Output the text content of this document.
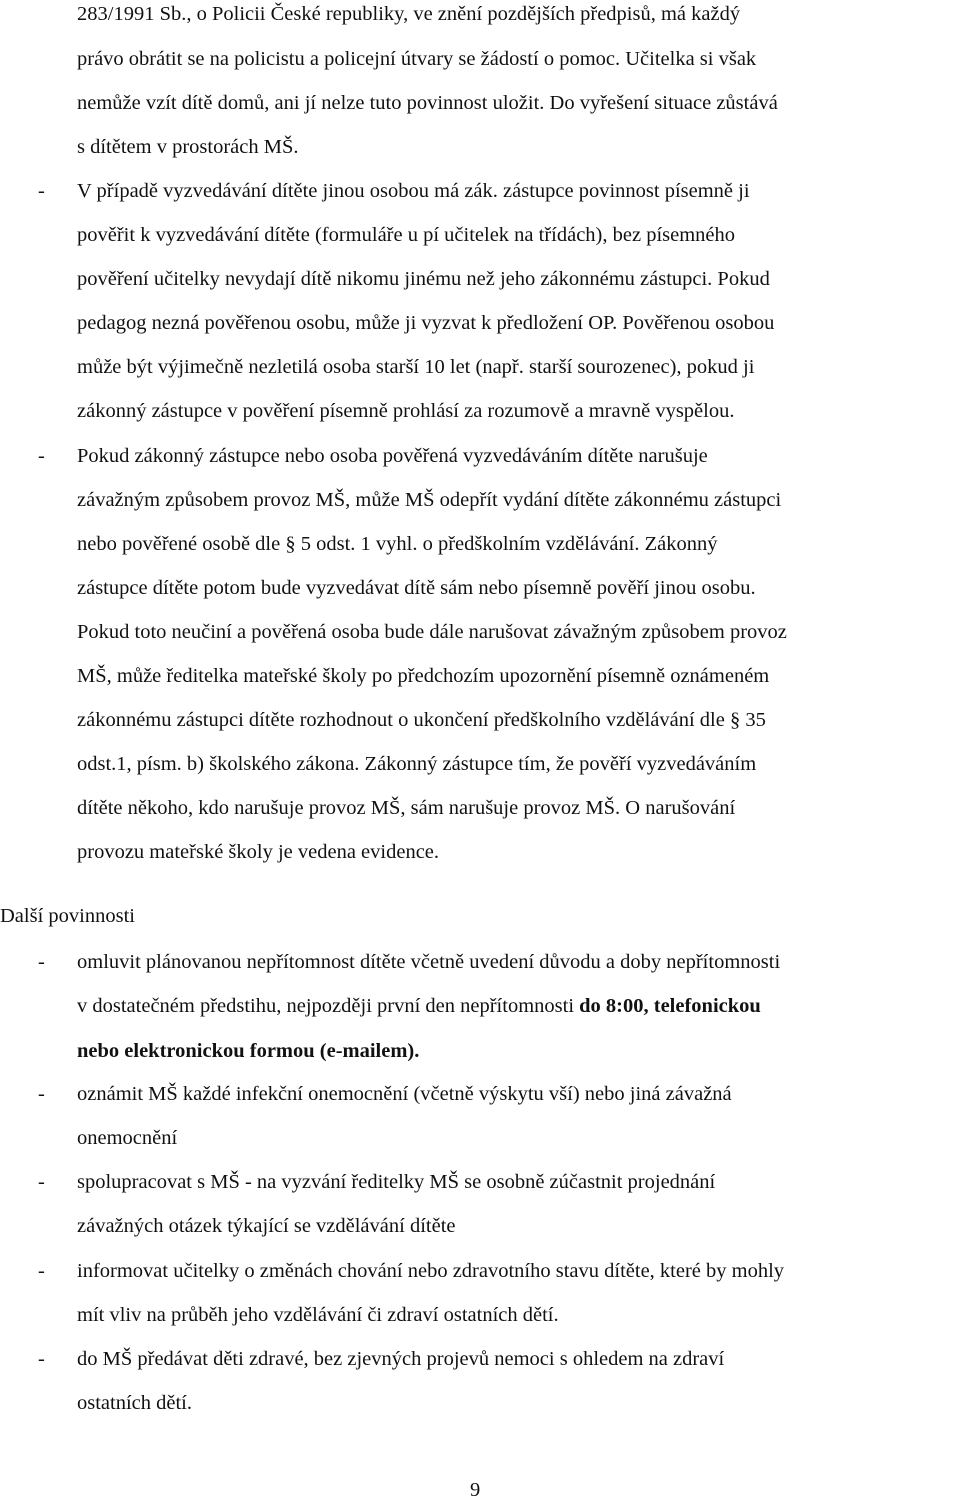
283/1991 Sb., o Policii České republiky, ve znění pozdějších předpisů, má každý
právo obrátit se na policistu a policejní útvary se žádostí o pomoc. Učitelka si však
nemůže vzít dítě domů, ani jí nelze tuto povinnost uložit. Do vyřešení situace zůstává
s dítětem v prostorách MŠ.
- V případě vyzvedávání dítěte jinou osobou má zák. zástupce povinnost písemně ji
pověřit k vyzvedávání dítěte (formuláře u pí učitelek na třídách), bez písemného
pověření učitelky nevydají dítě nikomu jinému než jeho zákonnému zástupci. Pokud
pedagog nezná pověřenou osobu, může ji vyzvat k předložení OP. Pověřenou osobou
může být výjimečně nezletilá osoba starší 10 let (např. starší sourozenec), pokud ji
zákonný zástupce v pověření písemně prohlásí za rozumově a mravně vyspělou.
- Pokud zákonný zástupce nebo osoba pověřená vyzvedáváním dítěte narušuje
závažným způsobem provoz MŠ, může MŠ odepřít vydání dítěte zákonnému zástupci
nebo pověřené osobě dle § 5 odst. 1 vyhl. o předškolním vzdělávání. Zákonný
zástupce dítěte potom bude vyzvedávat dítě sám nebo písemně pověří jinou osobu.
Pokud toto neučiní a pověřená osoba bude dále narušovat závažným způsobem provoz
MŠ, může ředitelka mateřské školy po předchozím upozornění písemně oznámeném
zákonnému zástupci dítěte rozhodnout o ukončení předškolního vzdělávání dle § 35
odst.1, písm. b) školského zákona. Zákonný zástupce tím, že pověří vyzvedáváním
dítěte někoho, kdo narušuje provoz MŠ, sám narušuje provoz MŠ. O narušování
provozu mateřské školy je vedena evidence.
Další povinnosti
- omluvit plánovanou nepřítomnost dítěte včetně uvedení důvodu a doby nepřítomnosti
v dostatečném předstihu, nejpozději první den nepřítomnosti do 8:00, telefonickou
nebo elektronickou formou (e-mailem).
- oznámit MŠ každé infekční onemocnění (včetně výskytu vší) nebo jiná závažná
onemocnění
- spolupracovat s MŠ - na vyzvání ředitelky MŠ se osobně zúčastnit projednání
závažných otázek týkající se vzdělávání dítěte
- informovat učitelky o změnách chování nebo zdravotního stavu dítěte, které by mohly
mít vliv na průběh jeho vzdělávání či zdraví ostatních dětí.
- do MŠ předávat děti zdravé, bez zjevných projevů nemoci s ohledem na zdraví
ostatních dětí.
9
